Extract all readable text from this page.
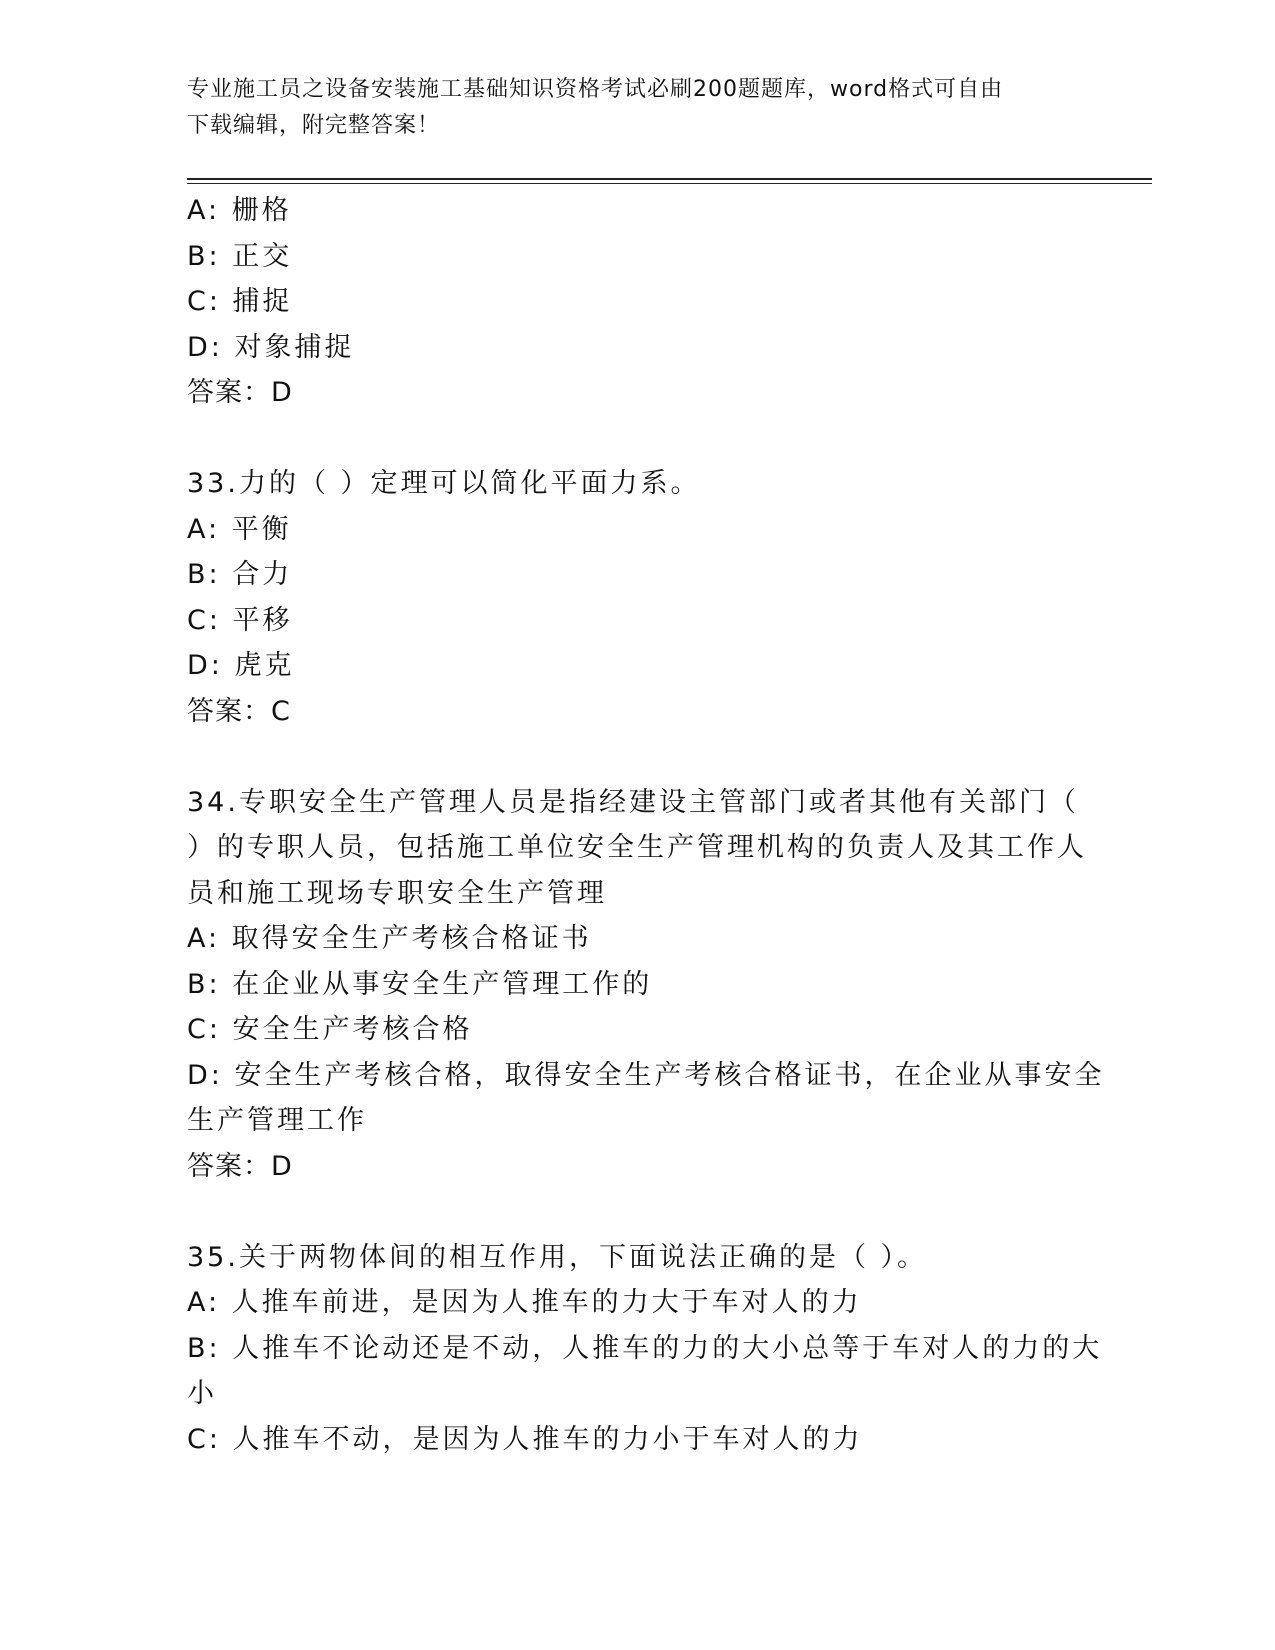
专业施工员之设备安装施工基础知识资格考试必刷200题题库，word格式可自由
下载编辑，附完整答案！
A: 栅格
B: 正交
C: 捕捉
D: 对象捕捉
答案：D
33.力的（ ）定理可以简化平面力系。
A: 平衡
B: 合力
C: 平移
D: 虎克
答案：C
34.专职安全生产管理人员是指经建设主管部门或者其他有关部门（
）的专职人员，包括施工单位安全生产管理机构的负责人及其工作人
员和施工现场专职安全生产管理
A: 取得安全生产考核合格证书
B: 在企业从事安全生产管理工作的
C: 安全生产考核合格
D: 安全生产考核合格，取得安全生产考核合格证书，在企业从事安全
生产管理工作
答案：D
35.关于两物体间的相互作用，下面说法正确的是（ ）。
A: 人推车前进，是因为人推车的力大于车对人的力
B: 人推车不论动还是不动，人推车的力的大小总等于车对人的力的大
小
C: 人推车不动，是因为人推车的力小于车对人的力
